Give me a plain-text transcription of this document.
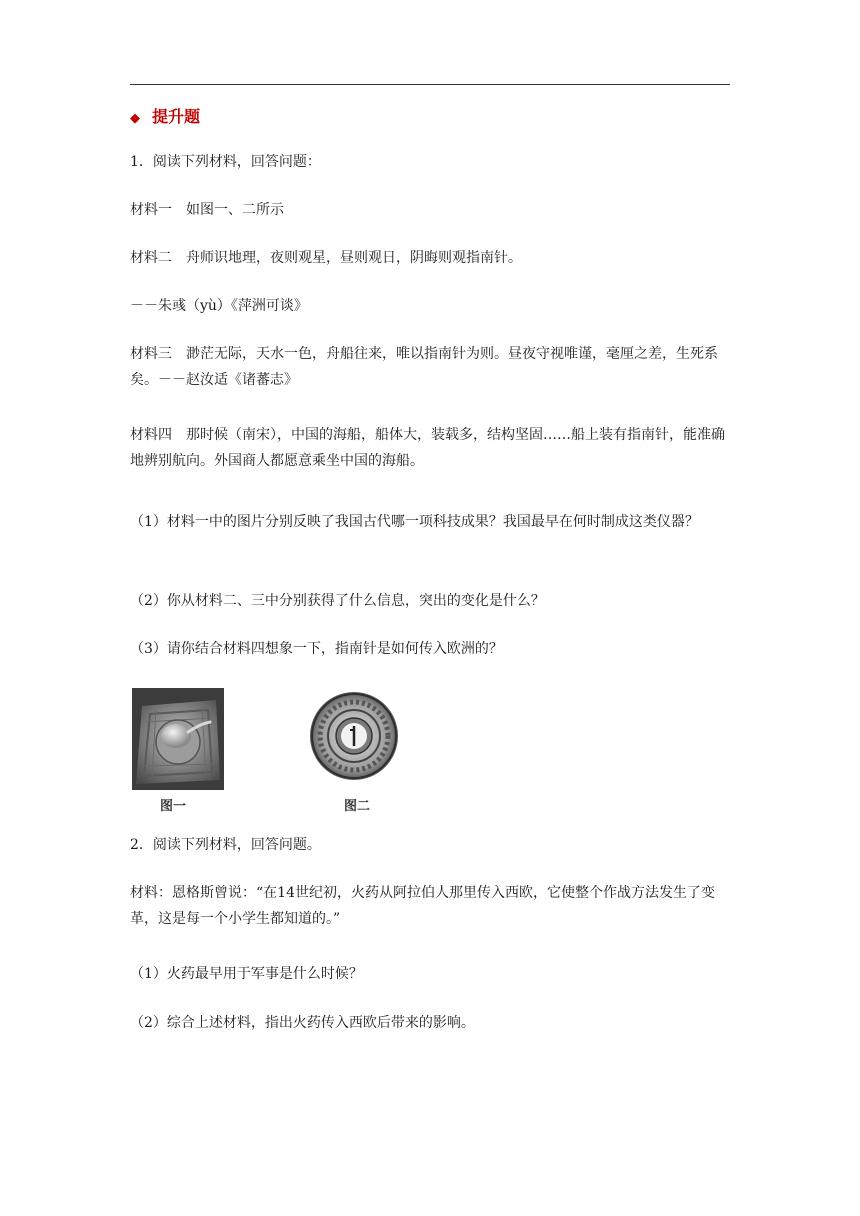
◆ 提升题

1．阅读下列材料，回答问题：

材料一　如图一、二所示

材料二　舟师识地理，夜则观星，昼则观日，阴晦则观指南针。

－－朱彧（yù）《萍洲可谈》

材料三　渺茫无际，天水一色，舟船往来，唯以指南针为则。昼夜守视唯谨，毫厘之差，生死系矣。－－赵汝适《诸蕃志》

材料四　那时候（南宋），中国的海船，船体大，装载多，结构坚固……船上装有指南针，能准确地辨别航向。外国商人都愿意乘坐中国的海船。

（1）材料一中的图片分别反映了我国古代哪一项科技成果？我国最早在何时制成这类仪器？

（2）你从材料二、三中分别获得了什么信息，突出的变化是什么？

（3）请你结合材料四想象一下，指南针是如何传入欧洲的？

图一	图二

2．阅读下列材料，回答问题。

材料：恩格斯曾说：“在14世纪初，火药从阿拉伯人那里传入西欧，它使整个作战方法发生了变革，这是每一个小学生都知道的。”

（1）火药最早用于军事是什么时候？

（2）综合上述材料，指出火药传入西欧后带来的影响。
